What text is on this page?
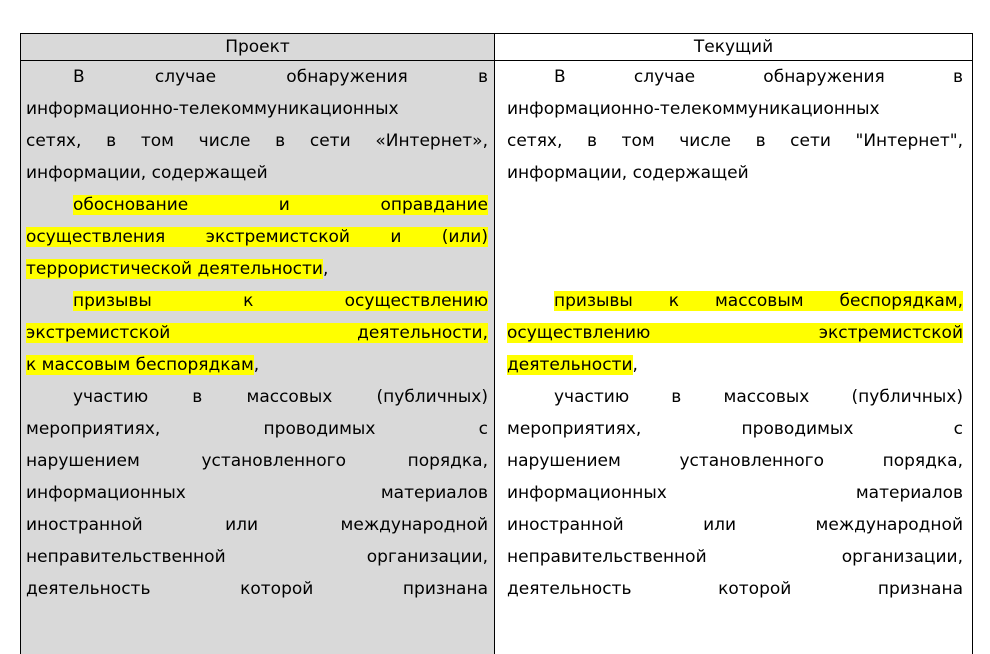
Проект
В случае обнаружения в
информационно-телекоммуникационных
сетях, в том числе в сети «Интернет»,
информации, содержащей
обоснование и оправдание
осуществления экстремистской и (или)
террористической деятельности,
призывы к осуществлению
экстремистской деятельности,
к массовым беспорядкам,
участию в массовых (публичных)
мероприятиях, проводимых с
нарушением установленного порядка,
информационных материалов
иностранной или международной
неправительственной организации,
деятельность которой признана
Текущий
В случае обнаружения в
информационно-телекоммуникационных
сетях, в том числе в сети "Интернет",
информации, содержащей

призывы к массовым беспорядкам,
осуществлению экстремистской
деятельности,
участию в массовых (публичных)
мероприятиях, проводимых с
нарушением установленного порядка,
информационных материалов
иностранной или международной
неправительственной организации,
деятельность которой признана
